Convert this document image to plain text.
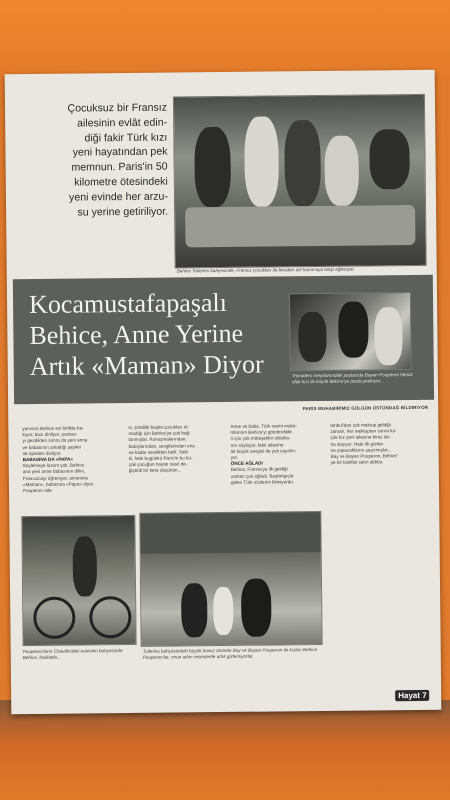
Çocuksuz bir Fransız
ailesinin evlât edin-
diği fakir Türk kızı
yeni hayatından pek
memnun. Paris'in 50
kilometre ötesindeki
yeni evinde her arzu-
su yerine getiriliyor.
Behice Tuileries bahçesinde, Fransız çocukları ile beraber atlı karıncaya binip eğleniyor.
Kocamustafapaşalı
Behice, Anne Yerine
Artık «Maman» Diyor	Trocadero meydanındaki pastacıda Bayan Pouperon henüz ufak kızı ile küçük Behice'ye pasta yediriyor...
PARİS MUHABİRİMİZ GÜLGÜN ÜSTÜNDAĞ BİLDİRİYOR
yanısıra Behice evi birlikte ba-
kıyor, bazı dinliyor, pastacı-
yı gezdikten sonra da yeni anne
ve babasının anlattığı şeyleri
ile öyleden dinliyor.
BABASINA DA «PAPA»
Söylemeye lüzum yok, Behice
ana yeni anne babasının dilini,
Fransızcayı öğreniyor, annesine
«Maman», babasına «Papa» diyor.
Pouperon aile-
si, şimdilik başka çocukları ol-
madığı için Behice'ye çok bağ-
lanmışlar. Konuşmalarından,
bakışlarından, sevgilerinden ona
ne kadar sevdikleri belli. Sahi
ki, hele bugünkü Paris'in bu kü-
çük çocuğun hayatı nasıl de-
ğiştirdi bir kere düşünün...
Anne ve baba, Türk resmi maka-
mlarının Behice'yi gönderdikle-
ri için çok müteşekkir oldukla-
rını söylüyor, fakir ailesine
ait küçük sevgisi de yok sayılmı-
yor.
ÖNCE AĞLADI
Behice, Fransa'ya ilk geldiği
zaman çok ağladı. Başlangıçta
gelen Türk sözlerini bilmiyordu.
tanbul'dan çok mektup geldiği
zaman, her mektuptan sonra kü-
çük kız yeni ailesine biraz da-
ha alışıyor. Hele ilk günler
ne yapacaklarını şaşırmışlar...
Bay ve Bayan Pouperon, Behice'
ye bir bisiklet satın aldılar.
Pouperon'ların Chaville'deki evlerinin bahçesinde Behice, bisikletle...
Tuileries bahçesindeki büyük havuz önünde Bay ve Bayan Pouperon ile kızları Behice. Pouperon'lar, onun adını resimlerde artık gizlemiyorlar.
Hayat 7
